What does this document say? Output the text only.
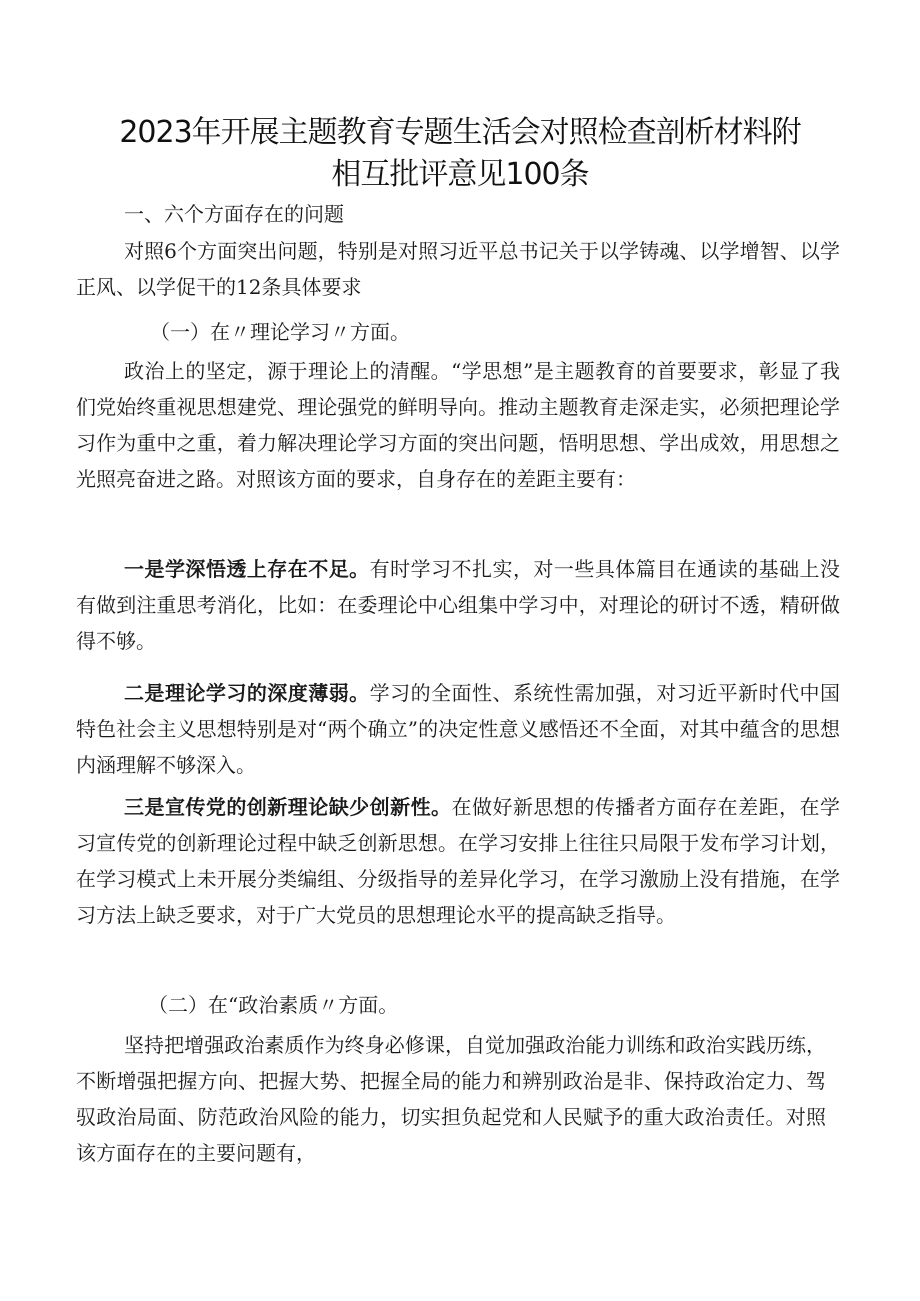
2023年开展主题教育专题生活会对照检查剖析材料附
相互批评意见100条
一、六个方面存在的问题
对照6个方面突出问题，特别是对照习近平总书记关于以学铸魂、以学增智、以学正风、以学促干的12条具体要求
（一）在〃理论学习〃方面。
政治上的坚定，源于理论上的清醒。“学思想”是主题教育的首要要求，彰显了我们党始终重视思想建党、理论强党的鲜明导向。推动主题教育走深走实，必须把理论学习作为重中之重，着力解决理论学习方面的突出问题，悟明思想、学出成效，用思想之光照亮奋进之路。对照该方面的要求，自身存在的差距主要有：
一是学深悟透上存在不足。有时学习不扎实，对一些具体篇目在通读的基础上没有做到注重思考消化，比如：在委理论中心组集中学习中，对理论的研讨不透，精研做得不够。
二是理论学习的深度薄弱。学习的全面性、系统性需加强，对习近平新时代中国特色社会主义思想特别是对“两个确立”的决定性意义感悟还不全面，对其中蕴含的思想内涵理解不够深入。
三是宣传党的创新理论缺少创新性。在做好新思想的传播者方面存在差距，在学习宣传党的创新理论过程中缺乏创新思想。在学习安排上往往只局限于发布学习计划，在学习模式上未开展分类编组、分级指导的差异化学习，在学习激励上没有措施，在学习方法上缺乏要求，对于广大党员的思想理论水平的提高缺乏指导。
（二）在“政治素质〃方面。
坚持把增强政治素质作为终身必修课，自觉加强政治能力训练和政治实践历练，不断增强把握方向、把握大势、把握全局的能力和辨别政治是非、保持政治定力、驾驭政治局面、防范政治风险的能力，切实担负起党和人民赋予的重大政治责任。对照该方面存在的主要问题有，
